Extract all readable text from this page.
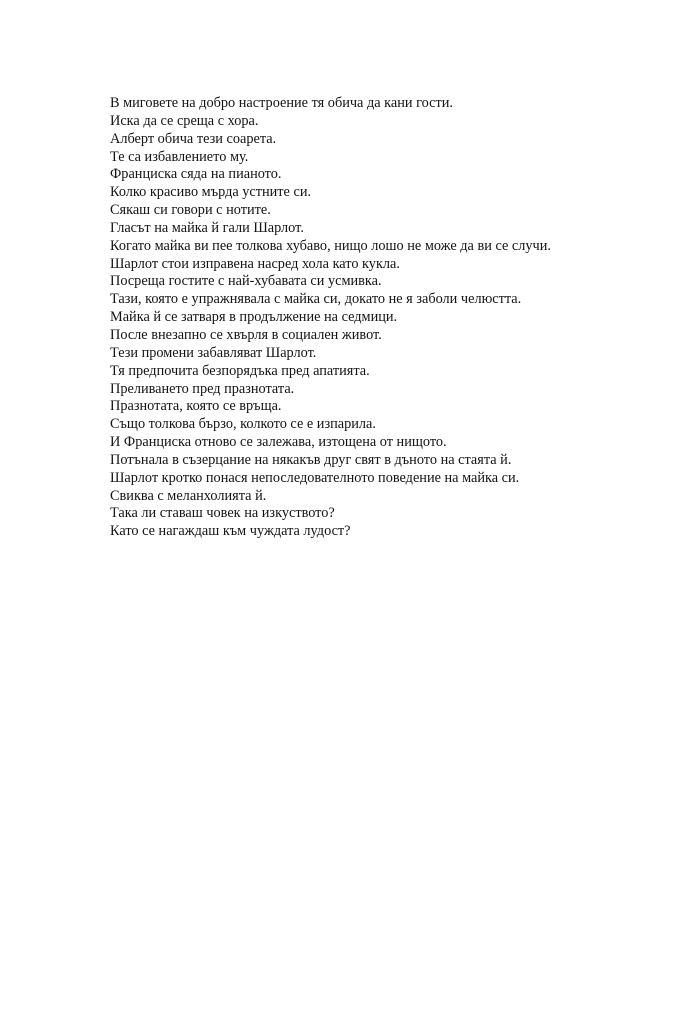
В миговете на добро настроение тя обича да кани гости.
Иска да се среща с хора.
Алберт обича тези соарета.
Те са избавлението му.
Франциска сяда на пианото.
Колко красиво мърда устните си.
Сякаш си говори с нотите.
Гласът на майка й гали Шарлот.
Когато майка ви пее толкова хубаво, нищо лошо не може да ви се случи.
Шарлот стои изправена насред хола като кукла.
Посреща гостите с най-хубавата си усмивка.
Тази, която е упражнявала с майка си, докато не я заболи челюстта.
Майка й се затваря в продължение на седмици.
После внезапно се хвърля в социален живот.
Тези промени забавляват Шарлот.
Тя предпочита безпорядъка пред апатията.
Преливането пред празнотата.
Празнотата, която се връща.
Също толкова бързо, колкото се е изпарила.
И Франциска отново се залежава, изтощена от нищото.
Потънала в съзерцание на някакъв друг свят в дъното на стаята й.
Шарлот кротко понася непоследователното поведение на майка си.
Свиква с меланхолията й.
Така ли ставаш човек на изкуството?
Като се нагаждаш към чуждата лудост?
